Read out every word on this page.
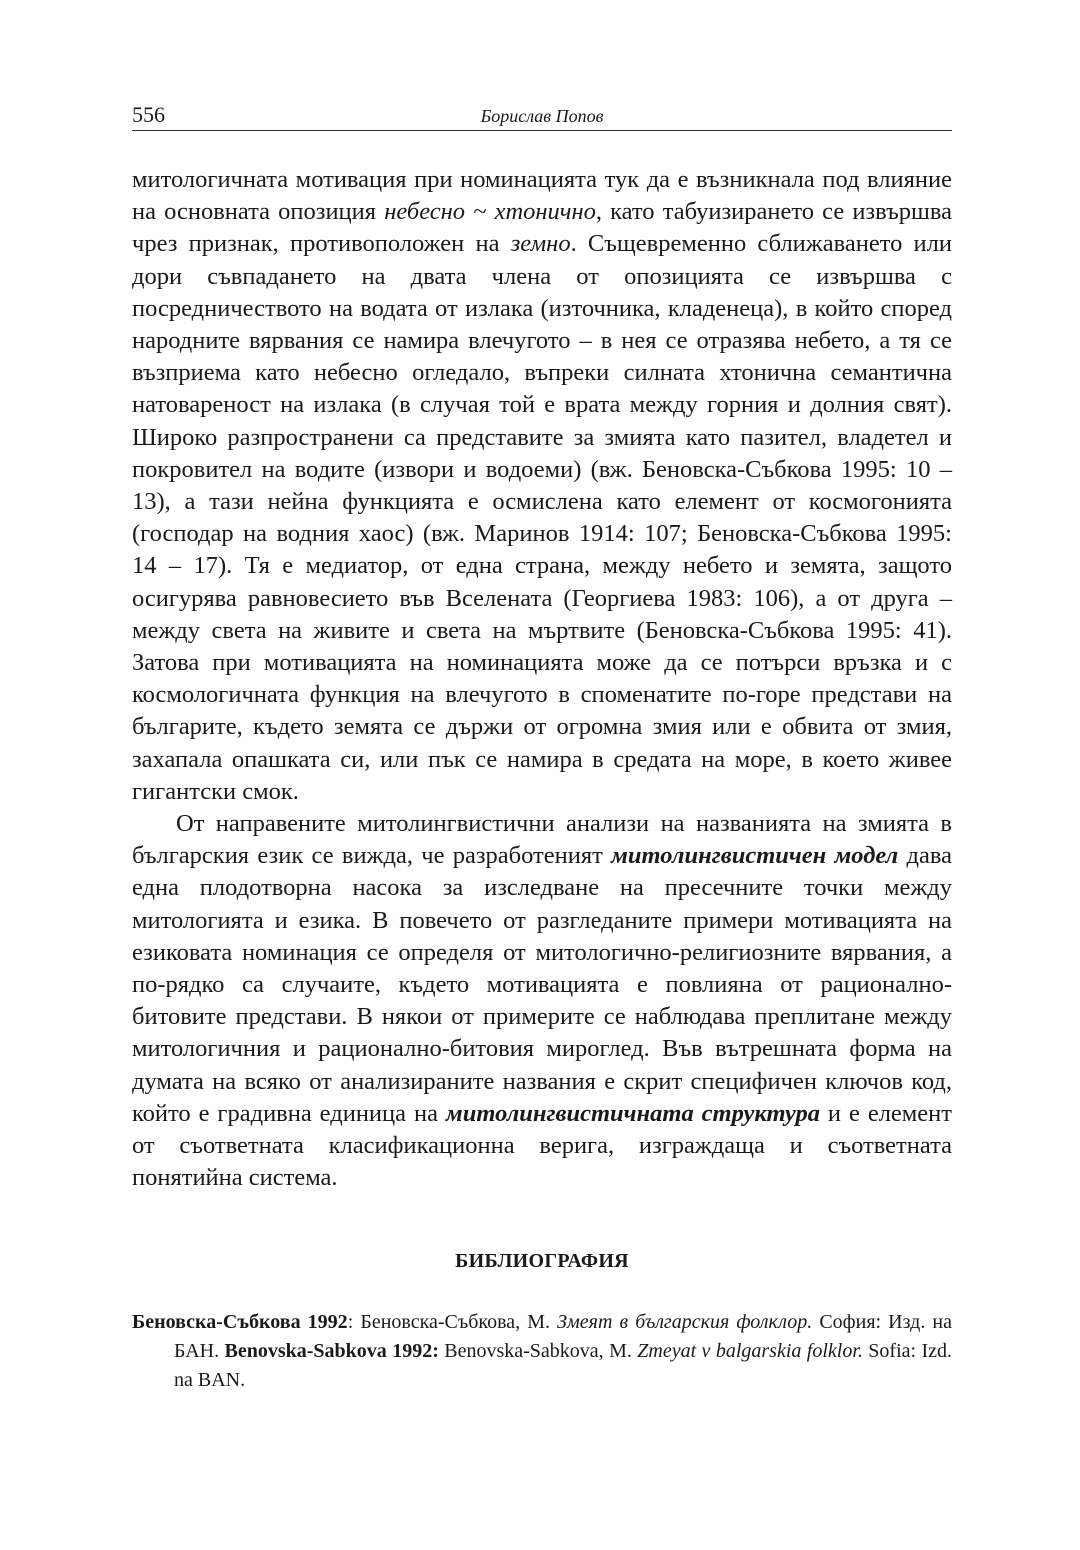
556	Борислав Попов

митологичната мотивация при номинацията тук да е възникнала под влияние на основната опозиция небесно ~ хтонично, като табуизирането се извършва чрез признак, противоположен на земно. Същевременно сближаването или дори съвпадането на двата члена от опозицията се извършва с посредничеството на водата от излака (източника, кладенеца), в който според народните вярвания се намира влечугото – в нея се отразява небето, а тя се възприема като небесно огледало, въпреки силната хтонична семантична натовареност на излака (в случая той е врата между горния и долния свят). Широко разпространени са представите за змията като пазител, владетел и покровител на водите (извори и водоеми) (вж. Беновска-Събкова 1995: 10 – 13), а тази нейна функцията е осмислена като елемент от космогонията (господар на водния хаос) (вж. Маринов 1914: 107; Беновска-Събкова 1995: 14 – 17). Тя е медиатор, от една страна, между небето и земята, защото осигурява равновесието във Вселената (Георгиева 1983: 106), а от друга – между света на живите и света на мъртвите (Беновска-Събкова 1995: 41). Затова при мотивацията на номинацията може да се потърси връзка и с космологичната функция на влечугото в споменатите по-горе представи на българите, където земята се държи от огромна змия или е обвита от змия, захапала опашката си, или пък се намира в средата на море, в което живее гигантски смок.

От направените митолингвистични анализи на названията на змията в българския език се вижда, че разработеният митолингвистичен модел дава една плодотворна насока за изследване на пресечните точки между митологията и езика. В повечето от разгледаните примери мотивацията на езиковата номинация се определя от митологично-религиозните вярвания, а по-рядко са случаите, където мотивацията е повлияна от рационално-битовите представи. В някои от примерите се наблюдава преплитане между митологичния и рационално-битовия мироглед. Във вътрешната форма на думата на всяко от анализираните названия е скрит специфичен ключов код, който е градивна единица на митолингвистичната структура и е елемент от съответната класификационна верига, изграждаща и съответната понятийна система.

БИБЛИОГРАФИЯ

Беновска-Събкова 1992: Беновска-Събкова, М. Змеят в българския фолклор. София: Изд. на БАН. Benovska-Sabkova 1992: Benovska-Sabkova, M. Zmeyat v balgarskia folklor. Sofia: Izd. na BAN.
